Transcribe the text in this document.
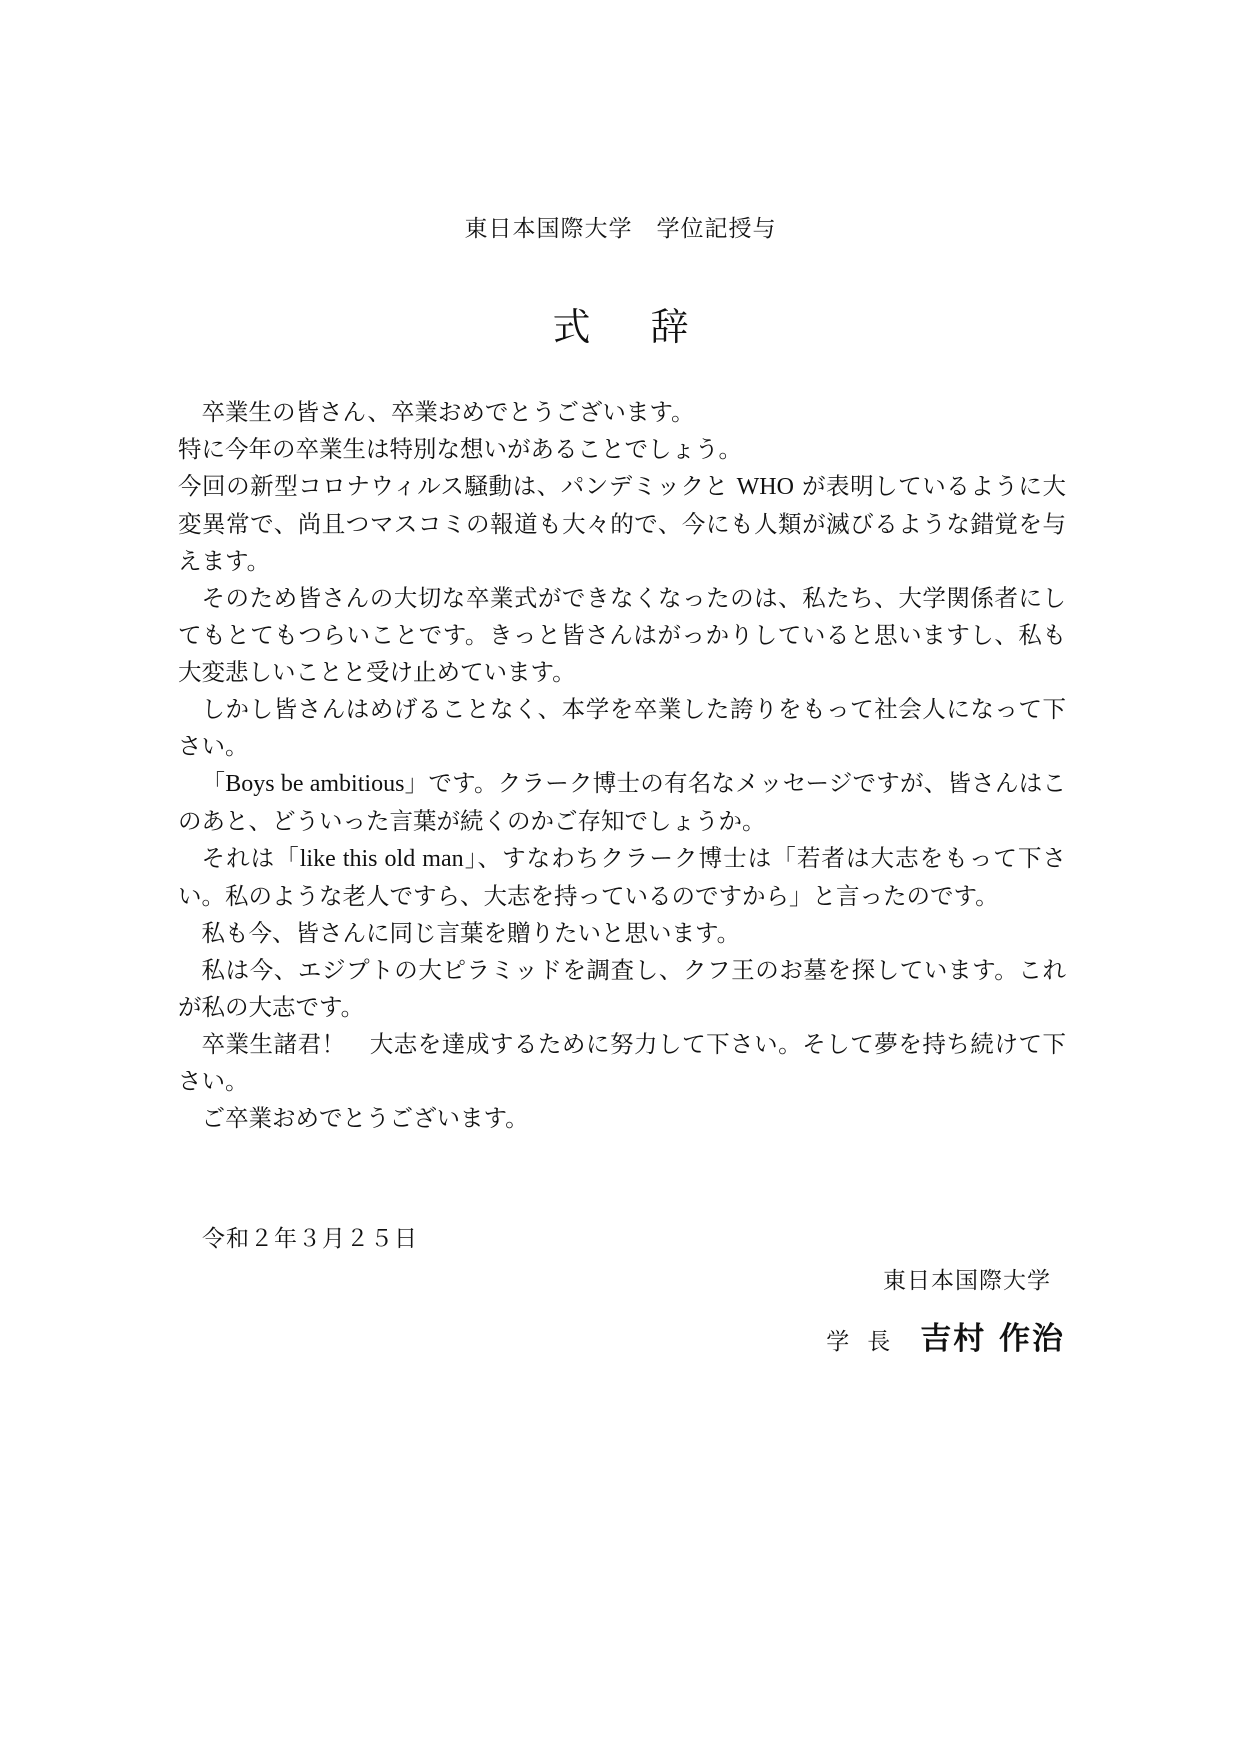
東日本国際大学　学位記授与
式辞

卒業生の皆さん、卒業おめでとうございます。

特に今年の卒業生は特別な想いがあることでしょう。

今回の新型コロナウィルス騒動は、パンデミックと WHO が表明しているように大変異常で、尚且つマスコミの報道も大々的で、今にも人類が滅びるような錯覚を与えます。

そのため皆さんの大切な卒業式ができなくなったのは、私たち、大学関係者にしてもとてもつらいことです。きっと皆さんはがっかりしていると思いますし、私も大変悲しいことと受け止めています。

しかし皆さんはめげることなく、本学を卒業した誇りをもって社会人になって下さい。

「Boys be ambitious」です。クラーク博士の有名なメッセージですが、皆さんはこのあと、どういった言葉が続くのかご存知でしょうか。

それは「like this old man」、すなわちクラーク博士は「若者は大志をもって下さい。私のような老人ですら、大志を持っているのですから」と言ったのです。

私も今、皆さんに同じ言葉を贈りたいと思います。

私は今、エジプトの大ピラミッドを調査し、クフ王のお墓を探しています。これが私の大志です。

卒業生諸君！　大志を達成するために努力して下さい。そして夢を持ち続けて下さい。

ご卒業おめでとうございます。

令和２年３月２５日
東日本国際大学
学長 吉村 作治
